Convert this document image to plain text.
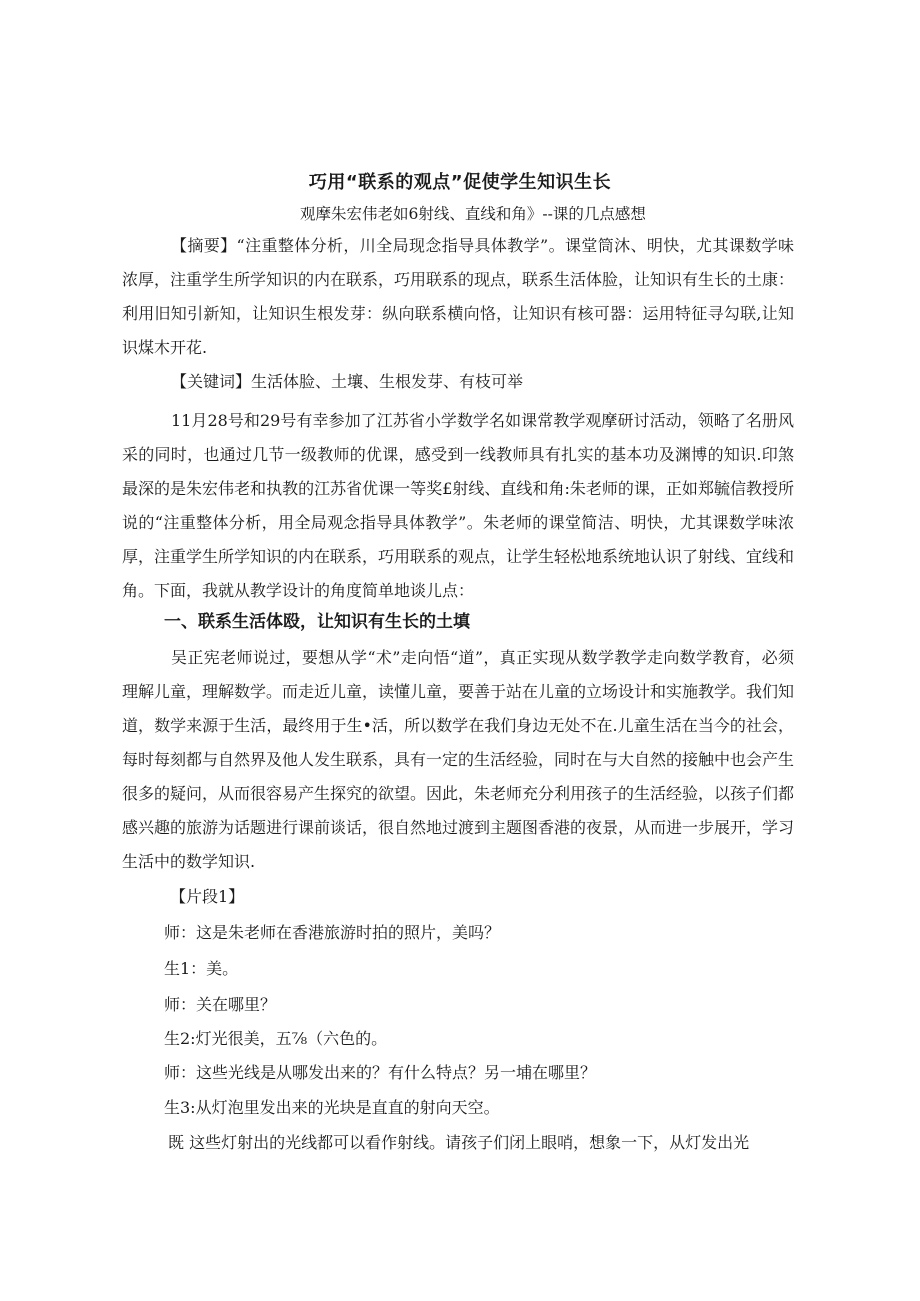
巧用“联系的观点”促使学生知识生长
观摩朱宏伟老如6射线、直线和角》--课的几点感想

【摘要】“注重整体分析，川全局现念指导具体教学”。课堂筒沐、明快，尤其课数学味浓厚，注重学生所学知识的内在联系，巧用联系的现点，联系生活体脸，让知识有生长的土康：利用旧知引新知，让知识生根发芽：纵向联系横向恪，让知识有核可器：运用特征寻勾联,让知识煤木开花.

【关键词】生活体脸、土壤、生根发芽、有枝可举

11月28号和29号有幸参加了江苏省小学数学名如课常教学观摩研讨活动，领略了名册风采的同时，也通过几节一级教师的优课，感受到一线教师具有扎实的基本功及渊博的知识.印煞最深的是朱宏伟老和执教的江苏省优课一等奖£射线、直线和角:朱老师的课，正如郑毓信教授所说的“注重整体分析，用全局观念指导具体教学”。朱老师的课堂简洁、明快，尤其课数学味浓厚，注重学生所学知识的内在联系，巧用联系的观点，让学生轻松地系统地认识了射线、宜线和角。下面，我就从教学设计的角度简单地谈儿点：

一、联系生活体殴，让知识有生长的土填

吴正宪老师说过，要想从学“术”走向悟“道”，真正实现从数学教学走向数学教育，必须理解儿童，理解数学。而走近儿童，读懂儿童，要善于站在儿童的立场设计和实施教学。我们知道，数学来源于生活，最终用于生•活，所以数学在我们身边无处不在.儿童生活在当今的社会，每时每刻都与自然界及他人发生联系，具有一定的生活经验，同时在与大自然的接触中也会产生很多的疑问，从而很容易产生探究的欲望。因此，朱老师充分利用孩子的生活经验，以孩子们都感兴趣的旅游为话题进行课前谈话，很自然地过渡到主题图香港的夜景，从而进一步展开，学习生活中的数学知识.

【片段1】
师：这是朱老师在香港旅游时拍的照片，美吗？
生1：美。
师：关在哪里？
生2:灯光很美，五⅞（六色的。
师：这些光线是从哪发出来的？有什么特点？另一埔在哪里？
生3:从灯泡里发出来的光块是直直的射向天空。
既 这些灯射出的光线都可以看作射线。请孩子们闭上眼哨，想象一下，从灯发出光
